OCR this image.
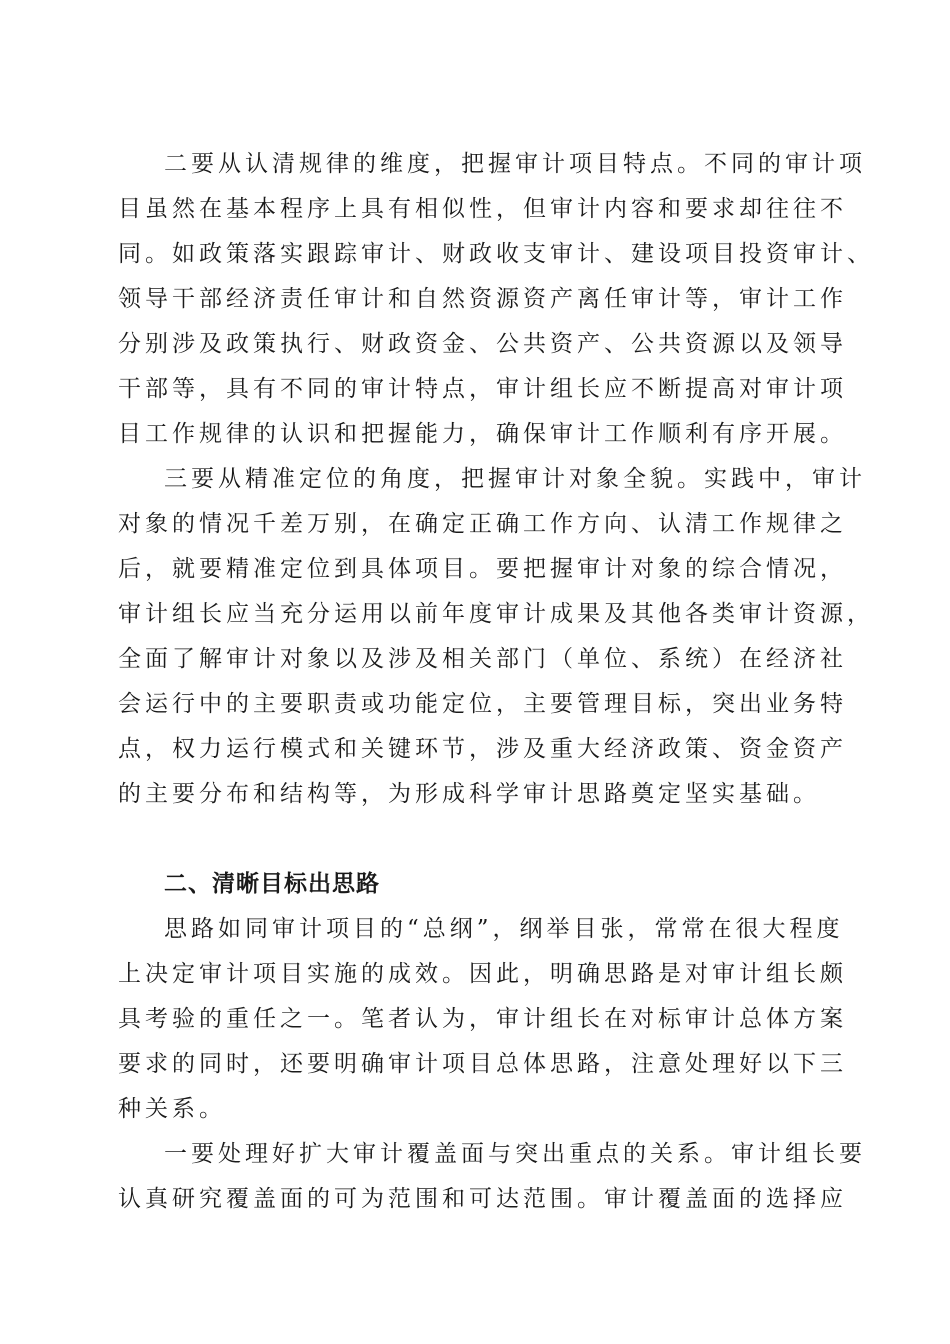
二要从认清规律的维度，把握审计项目特点。不同的审计项
目虽然在基本程序上具有相似性，但审计内容和要求却往往不
同。如政策落实跟踪审计、财政收支审计、建设项目投资审计、
领导干部经济责任审计和自然资源资产离任审计等，审计工作
分别涉及政策执行、财政资金、公共资产、公共资源以及领导
干部等，具有不同的审计特点，审计组长应不断提高对审计项
目工作规律的认识和把握能力，确保审计工作顺利有序开展。
三要从精准定位的角度，把握审计对象全貌。实践中，审计
对象的情况千差万别，在确定正确工作方向、认清工作规律之
后，就要精准定位到具体项目。要把握审计对象的综合情况，
审计组长应当充分运用以前年度审计成果及其他各类审计资源，
全面了解审计对象以及涉及相关部门（单位、系统）在经济社
会运行中的主要职责或功能定位，主要管理目标，突出业务特
点，权力运行模式和关键环节，涉及重大经济政策、资金资产
的主要分布和结构等，为形成科学审计思路奠定坚实基础。
二、清晰目标出思路
思路如同审计项目的“总纲”，纲举目张，常常在很大程度
上决定审计项目实施的成效。因此，明确思路是对审计组长颇
具考验的重任之一。笔者认为，审计组长在对标审计总体方案
要求的同时，还要明确审计项目总体思路，注意处理好以下三
种关系。
一要处理好扩大审计覆盖面与突出重点的关系。审计组长要
认真研究覆盖面的可为范围和可达范围。审计覆盖面的选择应
